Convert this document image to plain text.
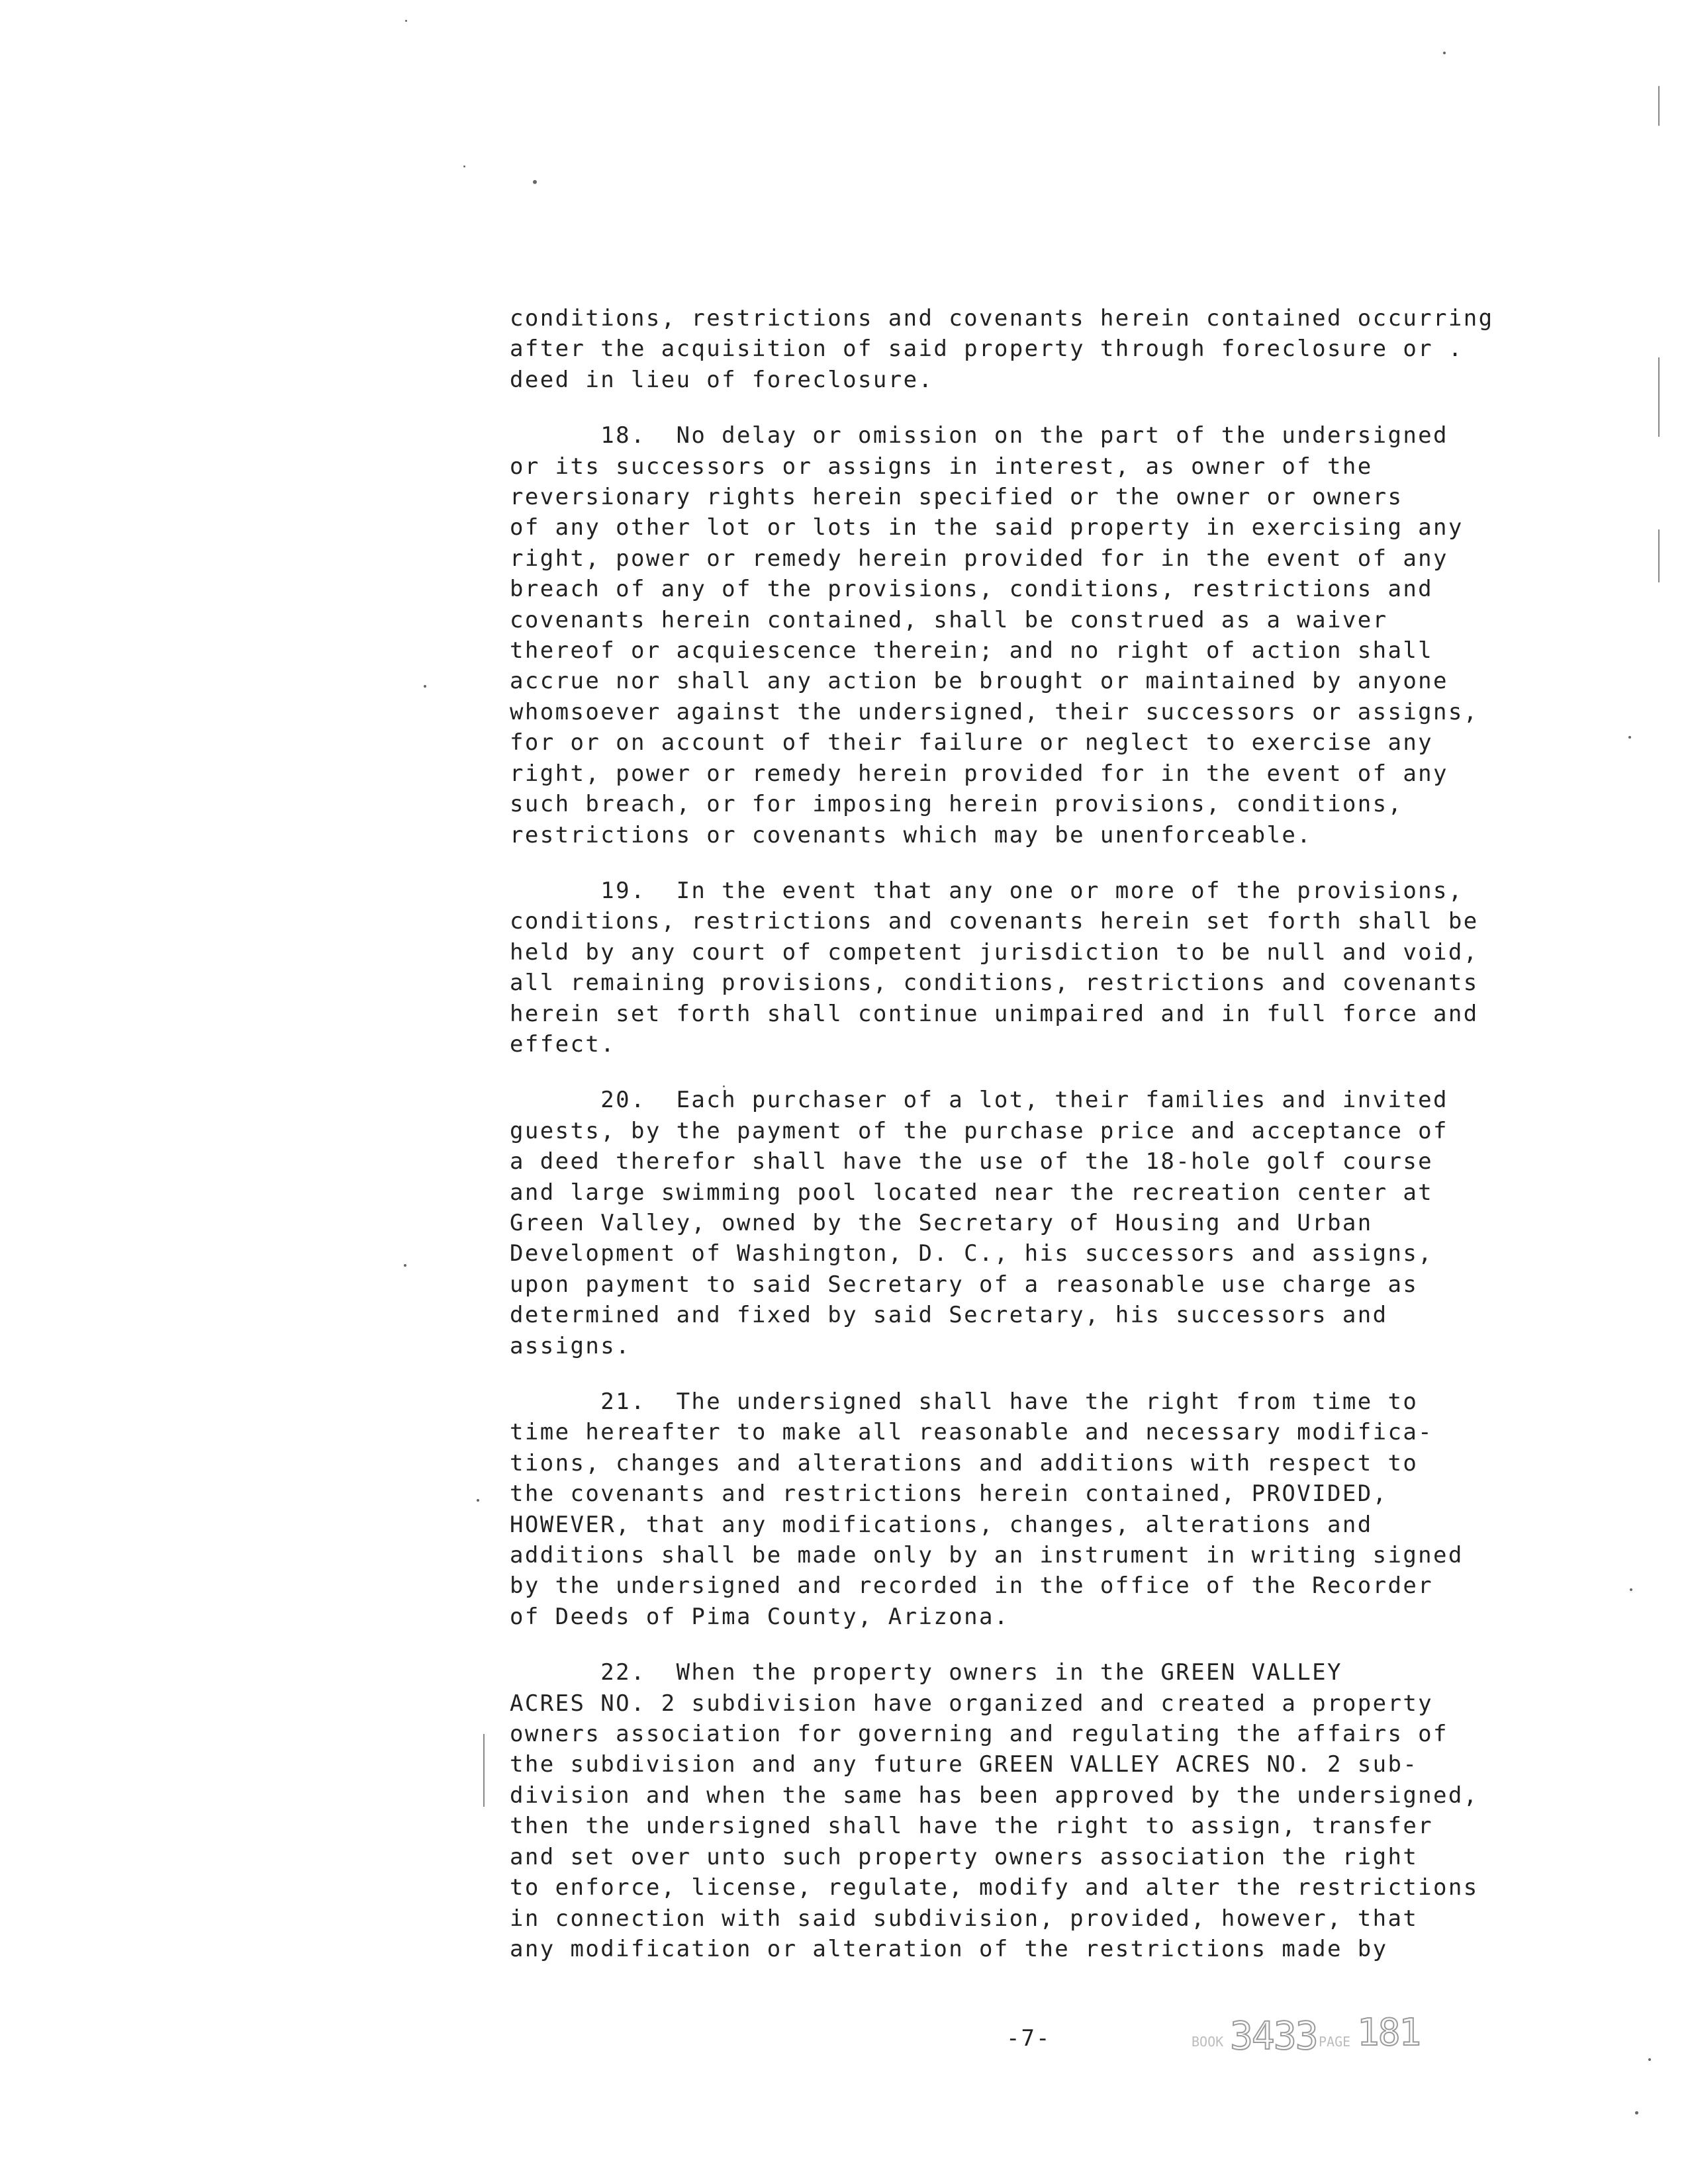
conditions, restrictions and covenants herein contained occurring
after the acquisition of said property through foreclosure or .
deed in lieu of foreclosure.
18.  No delay or omission on the part of the undersigned
or its successors or assigns in interest, as owner of the
reversionary rights herein specified or the owner or owners
of any other lot or lots in the said property in exercising any
right, power or remedy herein provided for in the event of any
breach of any of the provisions, conditions, restrictions and
covenants herein contained, shall be construed as a waiver
thereof or acquiescence therein; and no right of action shall
accrue nor shall any action be brought or maintained by anyone
whomsoever against the undersigned, their successors or assigns,
for or on account of their failure or neglect to exercise any
right, power or remedy herein provided for in the event of any
such breach, or for imposing herein provisions, conditions,
restrictions or covenants which may be unenforceable.
19.  In the event that any one or more of the provisions,
conditions, restrictions and covenants herein set forth shall be
held by any court of competent jurisdiction to be null and void,
all remaining provisions, conditions, restrictions and covenants
herein set forth shall continue unimpaired and in full force and
effect.
20.  Each purchaser of a lot, their families and invited
guests, by the payment of the purchase price and acceptance of
a deed therefor shall have the use of the 18-hole golf course
and large swimming pool located near the recreation center at
Green Valley, owned by the Secretary of Housing and Urban
Development of Washington, D. C., his successors and assigns,
upon payment to said Secretary of a reasonable use charge as
determined and fixed by said Secretary, his successors and
assigns.
21.  The undersigned shall have the right from time to
time hereafter to make all reasonable and necessary modifica-
tions, changes and alterations and additions with respect to
the covenants and restrictions herein contained, PROVIDED,
HOWEVER, that any modifications, changes, alterations and
additions shall be made only by an instrument in writing signed
by the undersigned and recorded in the office of the Recorder
of Deeds of Pima County, Arizona.
22.  When the property owners in the GREEN VALLEY
ACRES NO. 2 subdivision have organized and created a property
owners association for governing and regulating the affairs of
the subdivision and any future GREEN VALLEY ACRES NO. 2 sub-
division and when the same has been approved by the undersigned,
then the undersigned shall have the right to assign, transfer
and set over unto such property owners association the right
to enforce, license, regulate, modify and alter the restrictions
in connection with said subdivision, provided, however, that
any modification or alteration of the restrictions made by
-7-	BOOK 3433 PAGE 181
